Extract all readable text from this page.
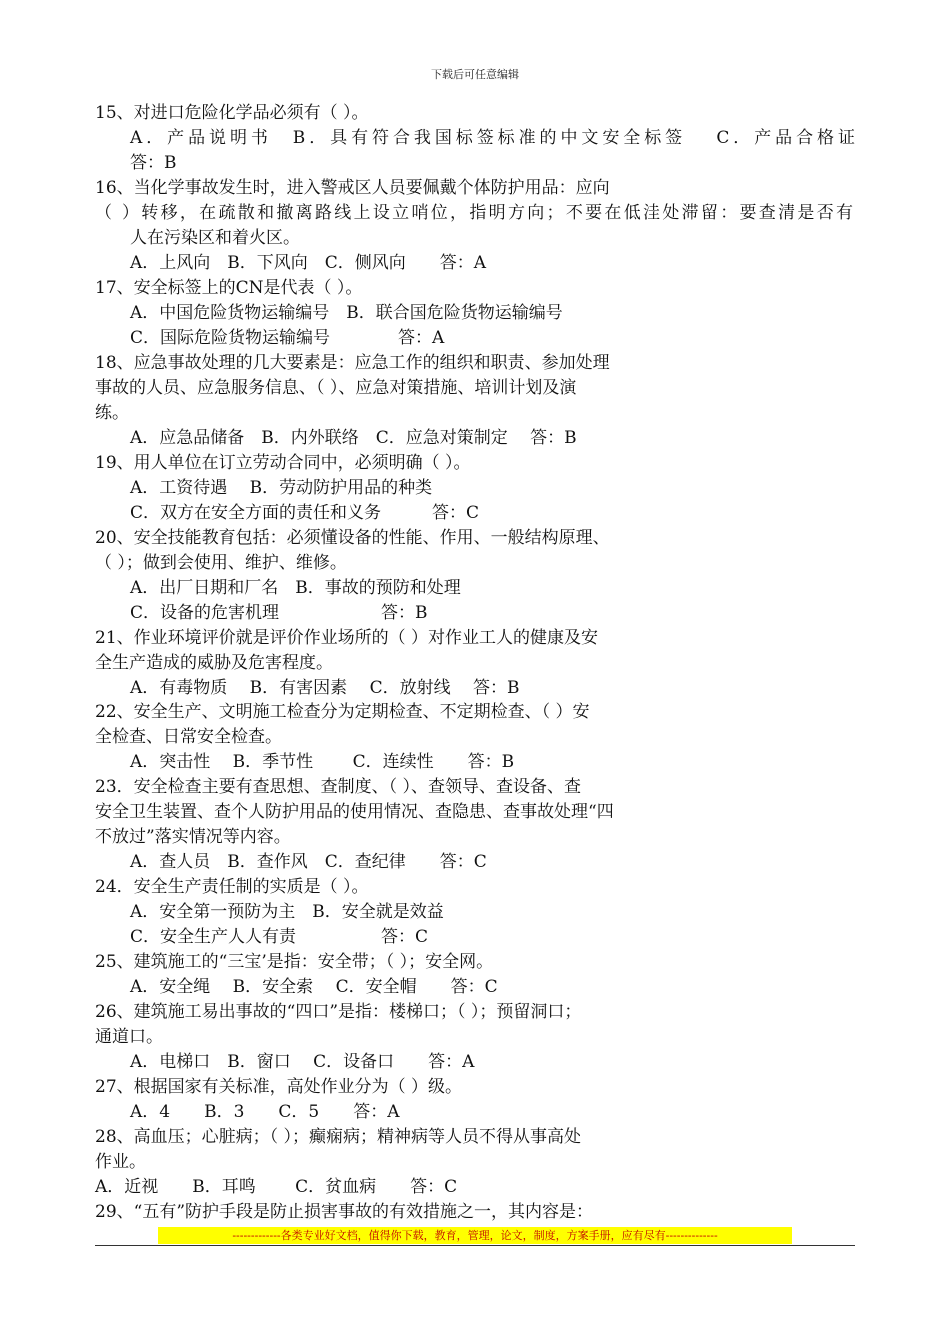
下载后可任意编辑
15、对进口危险化学品必须有（ ）。
A．产品说明书　B．具有符合我国标签标准的中文安全标签　 C．产品合格证
答：B
16、当化学事故发生时，进入警戒区人员要佩戴个体防护用品：应向
（ ）转移，在疏散和撤离路线上设立哨位，指明方向；不要在低洼处滞留：要查清是否有
人在污染区和着火区。
A．上风向　B．下风向　C．侧风向　　答：A
17、安全标签上的CN是代表（ ）。
A．中国危险货物运输编号　B．联合国危险货物运输编号
C．国际危险货物运输编号　　　　答：A
18、应急事故处理的几大要素是：应急工作的组织和职责、参加处理
事故的人员、应急服务信息、（ ）、应急对策措施、培训计划及演
练。
A．应急品储备　B．内外联络　C．应急对策制定　 答：B
19、用人单位在订立劳动合同中，必须明确（ ）。
A．工资待遇　 B．劳动防护用品的种类
C．双方在安全方面的责任和义务　　　答：C
20、安全技能教育包括：必须懂设备的性能、作用、一般结构原理、
（ ）；做到会使用、维护、维修。
A．出厂日期和厂名　B．事故的预防和处理
C．设备的危害机理　　　　　　答：B
21、作业环境评价就是评价作业场所的（ ）对作业工人的健康及安
全生产造成的威胁及危害程度。
A．有毒物质　 B．有害因素　 C．放射线　 答：B
22、安全生产、文明施工检查分为定期检查、不定期检查、（ ）安
全检查、日常安全检查。
A．突击性　 B．季节性　　 C．连续性　　答：B
23．安全检查主要有查思想、查制度、（ ）、查领导、查设备、查
安全卫生装置、查个人防护用品的使用情况、查隐患、查事故处理“四
不放过”落实情况等内容。
A．查人员　B．查作风　C．查纪律　　答：C
24．安全生产责任制的实质是（ ）。
A．安全第一预防为主　B．安全就是效益
C．安全生产人人有责　　　　　答：C
25、建筑施工的“三宝’是指：安全带；（ ）；安全网。
A．安全绳　 B．安全索　 C．安全帽　　答：C
26、建筑施工易出事故的“四口”是指：楼梯口；（ ）；预留洞口；
通道口。
A．电梯口　B．窗口　 C．设备口　　答：A
27、根据国家有关标准，高处作业分为（ ）级。
A．4　　B．3　　C．5　　答：A
28、高血压；心脏病；（ ）；癫痫病；精神病等人员不得从事高处
作业。
A．近视　　B．耳鸣　　 C．贫血病　　答：C
29、“五有”防护手段是防止损害事故的有效措施之一，其内容是：
-------------各类专业好文档，值得你下载，教育，管理，论文，制度，方案手册，应有尽有--------------
